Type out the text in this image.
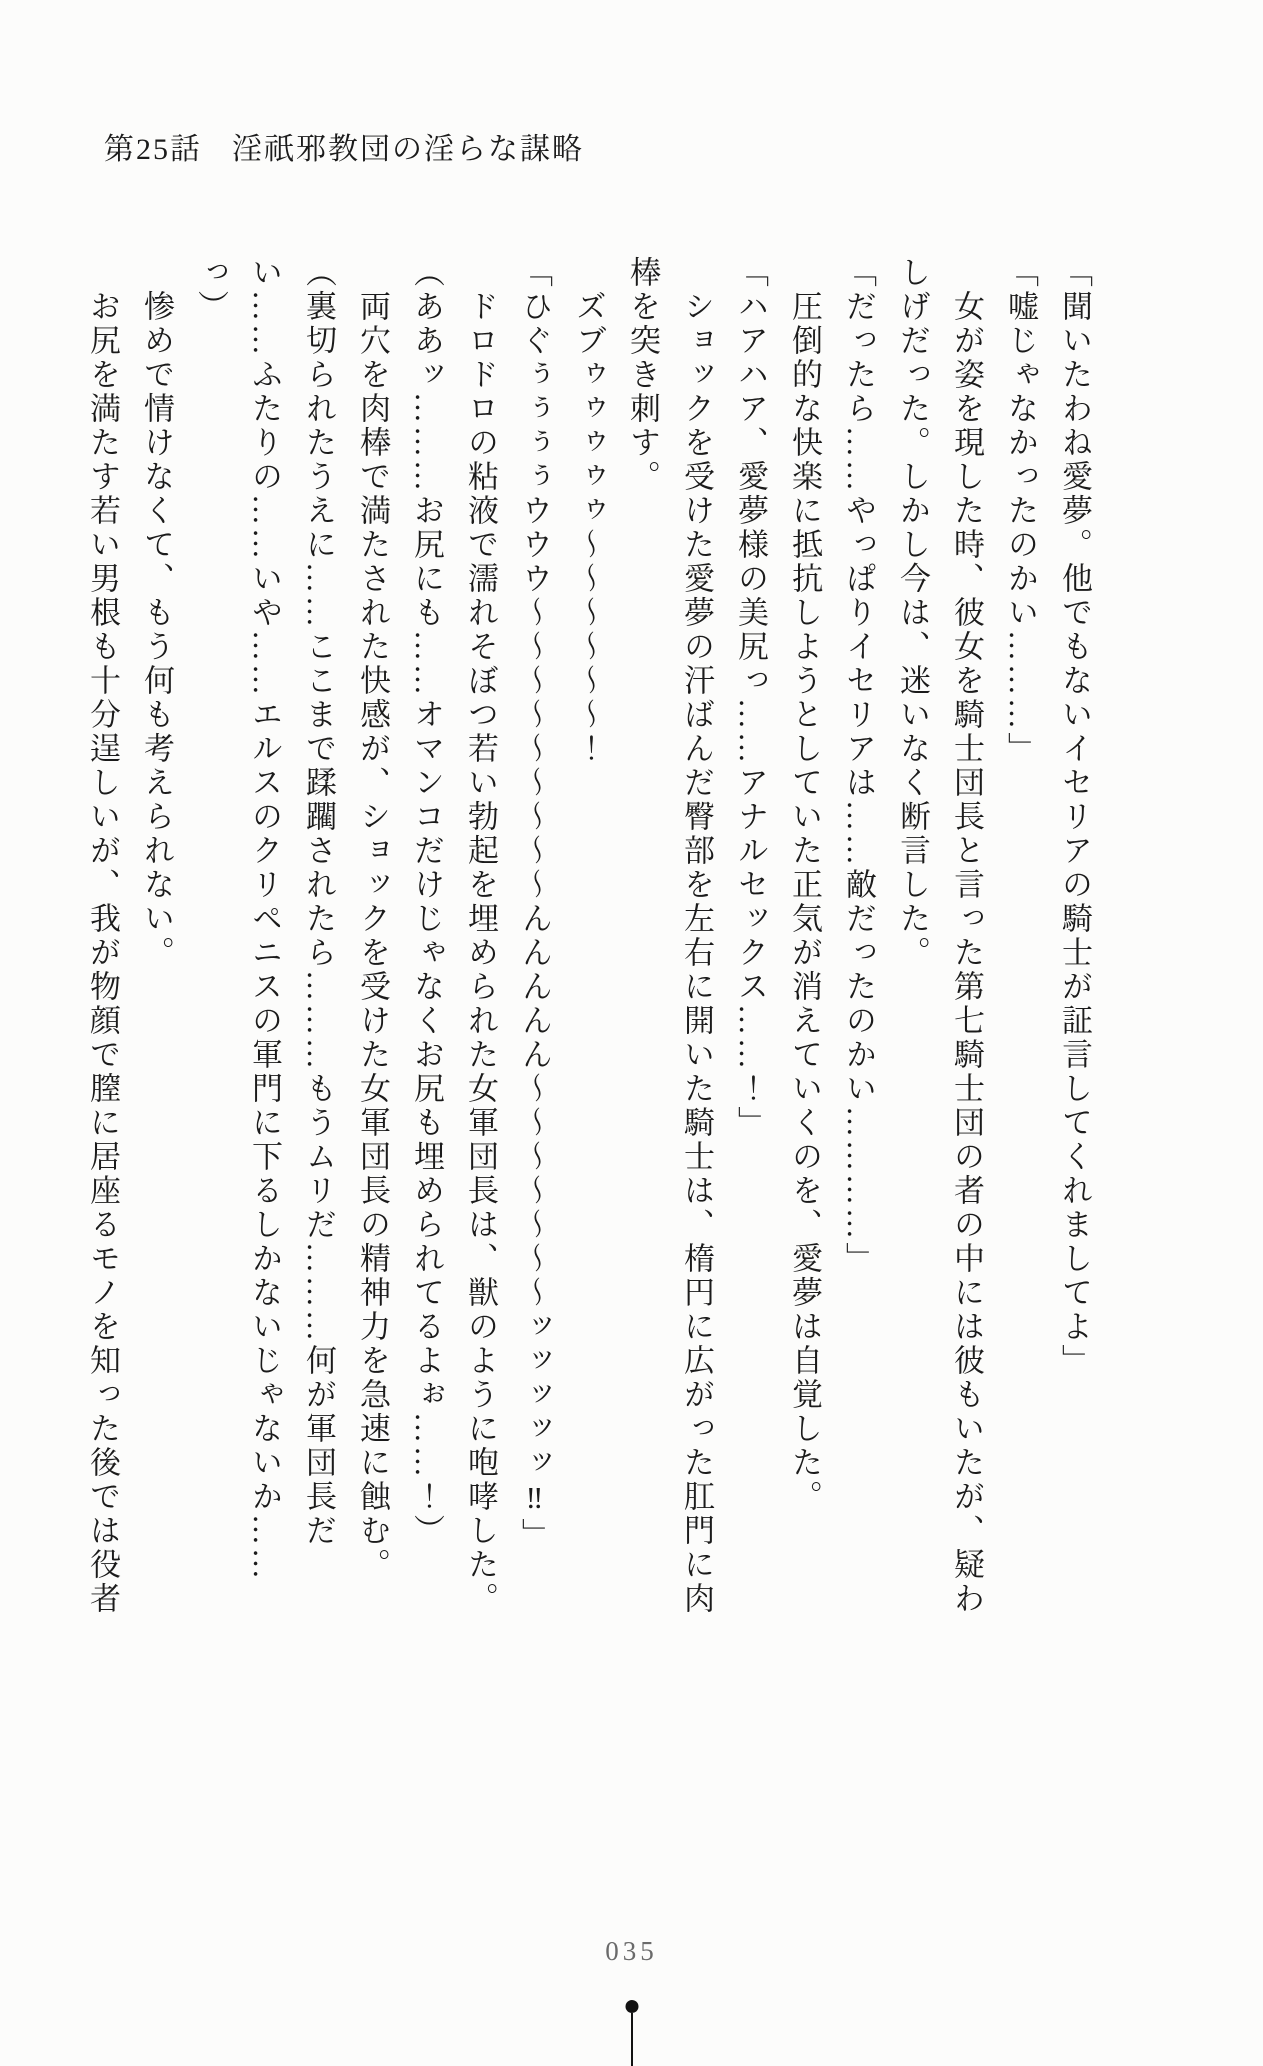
第25話 淫祇邪教団の淫らな謀略

「聞いたわね愛夢。他でもないイセリアの騎士が証言してくれましてよ」

「嘘じゃなかったのかい………」

　女が姿を現した時、彼女を騎士団長と言った第七騎士団の者の中には彼もいたが、疑わしげだった。しかし今は、迷いなく断言した。

「だったら……やっぱりイセリアは……敵だったのかい…………」

　圧倒的な快楽に抵抗しようとしていた正気が消えていくのを、愛夢は自覚した。

「ハアハア、愛夢様の美尻っ……アナルセックス……！」

　ショックを受けた愛夢の汗ばんだ臀部を左右に開いた騎士は、楕円に広がった肛門に肉棒を突き刺す。

　ズブゥゥゥゥゥ〜〜〜〜〜〜！

「ひぐぅぅぅぅウウウ〜〜〜〜〜〜〜〜〜んんんんん〜〜〜〜〜〜〜ッッッッッ‼」

　ドロドロの粘液で濡れそぼつ若い勃起を埋められた女軍団長は、獣のように咆哮した。

（ああッ………お尻にも……オマンコだけじゃなくお尻も埋められてるよぉ……！）

　両穴を肉棒で満たされた快感が、ショックを受けた女軍団長の精神力を急速に蝕む。

（裏切られたうえに……ここまで蹂躙されたら………もうムリだ………何が軍団長だい……ふたりの……いや……エルスのクリペニスの軍門に下るしかないじゃないか……っ）

　惨めで情けなくて、もう何も考えられない。

　お尻を満たす若い男根も十分逞しいが、我が物顔で膣に居座るモノを知った後では役者

035
